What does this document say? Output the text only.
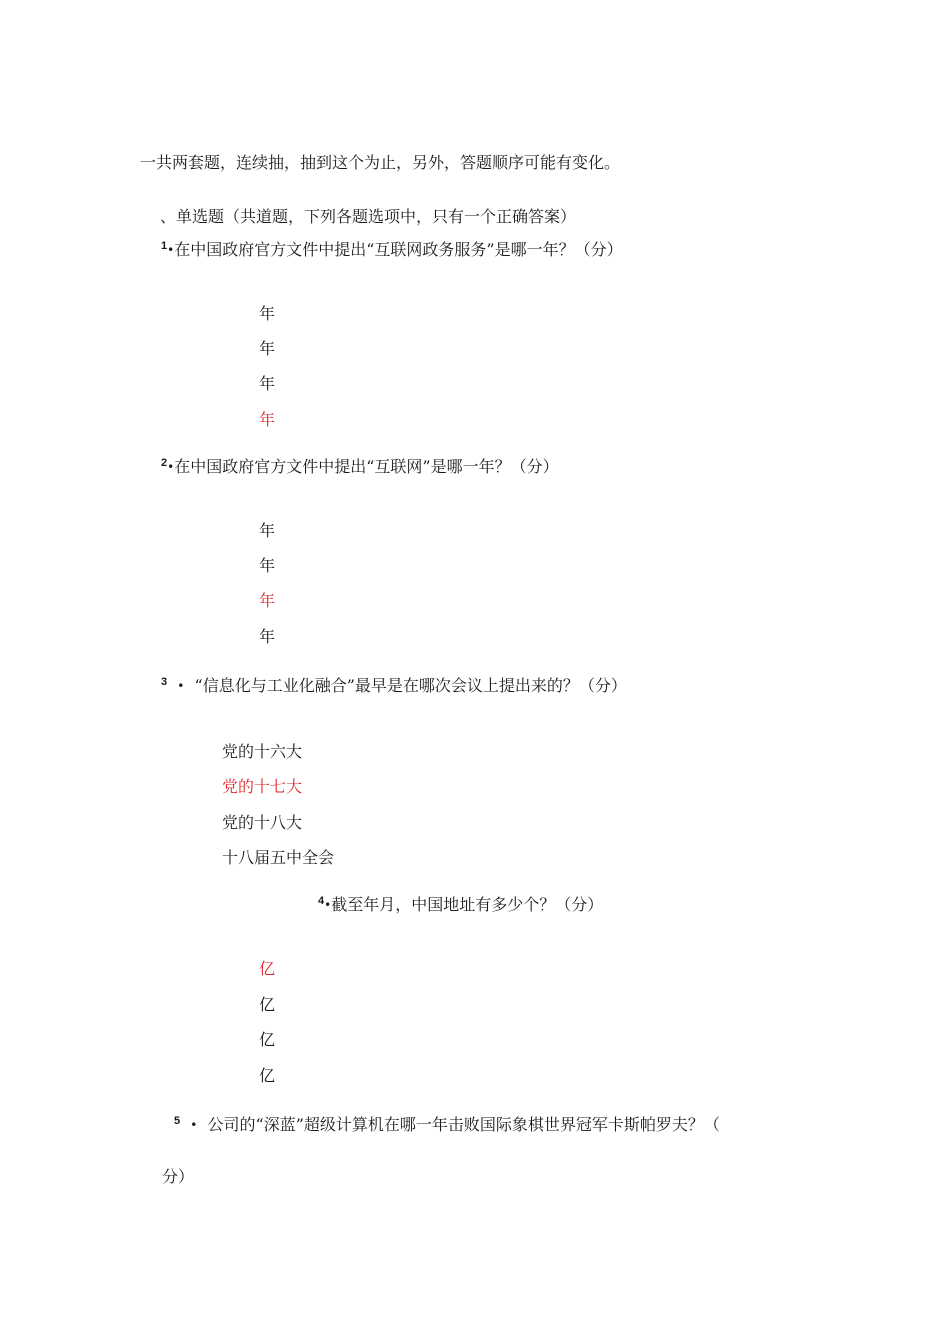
一共两套题，连续抽，抽到这个为止，另外，答题顺序可能有变化。
、单选题（共道题，下列各题选项中，只有一个正确答案）
$^1$•在中国政府官方文件中提出“互联网政务服务”是哪一年？（分）
年
年
年
年
$^2$•在中国政府官方文件中提出“互联网”是哪一年？（分）
年
年
年
年
$^3$ • “信息化与工业化融合”最早是在哪次会议上提出来的？（分）
党的十六大
党的十七大
党的十八大
十八届五中全会
$^4$•截至年月，中国地址有多少个？（分）
亿
亿
亿
亿
$^5$ • 公司的“深蓝”超级计算机在哪一年击败国际象棋世界冠军卡斯帕罗夫？（
分）
